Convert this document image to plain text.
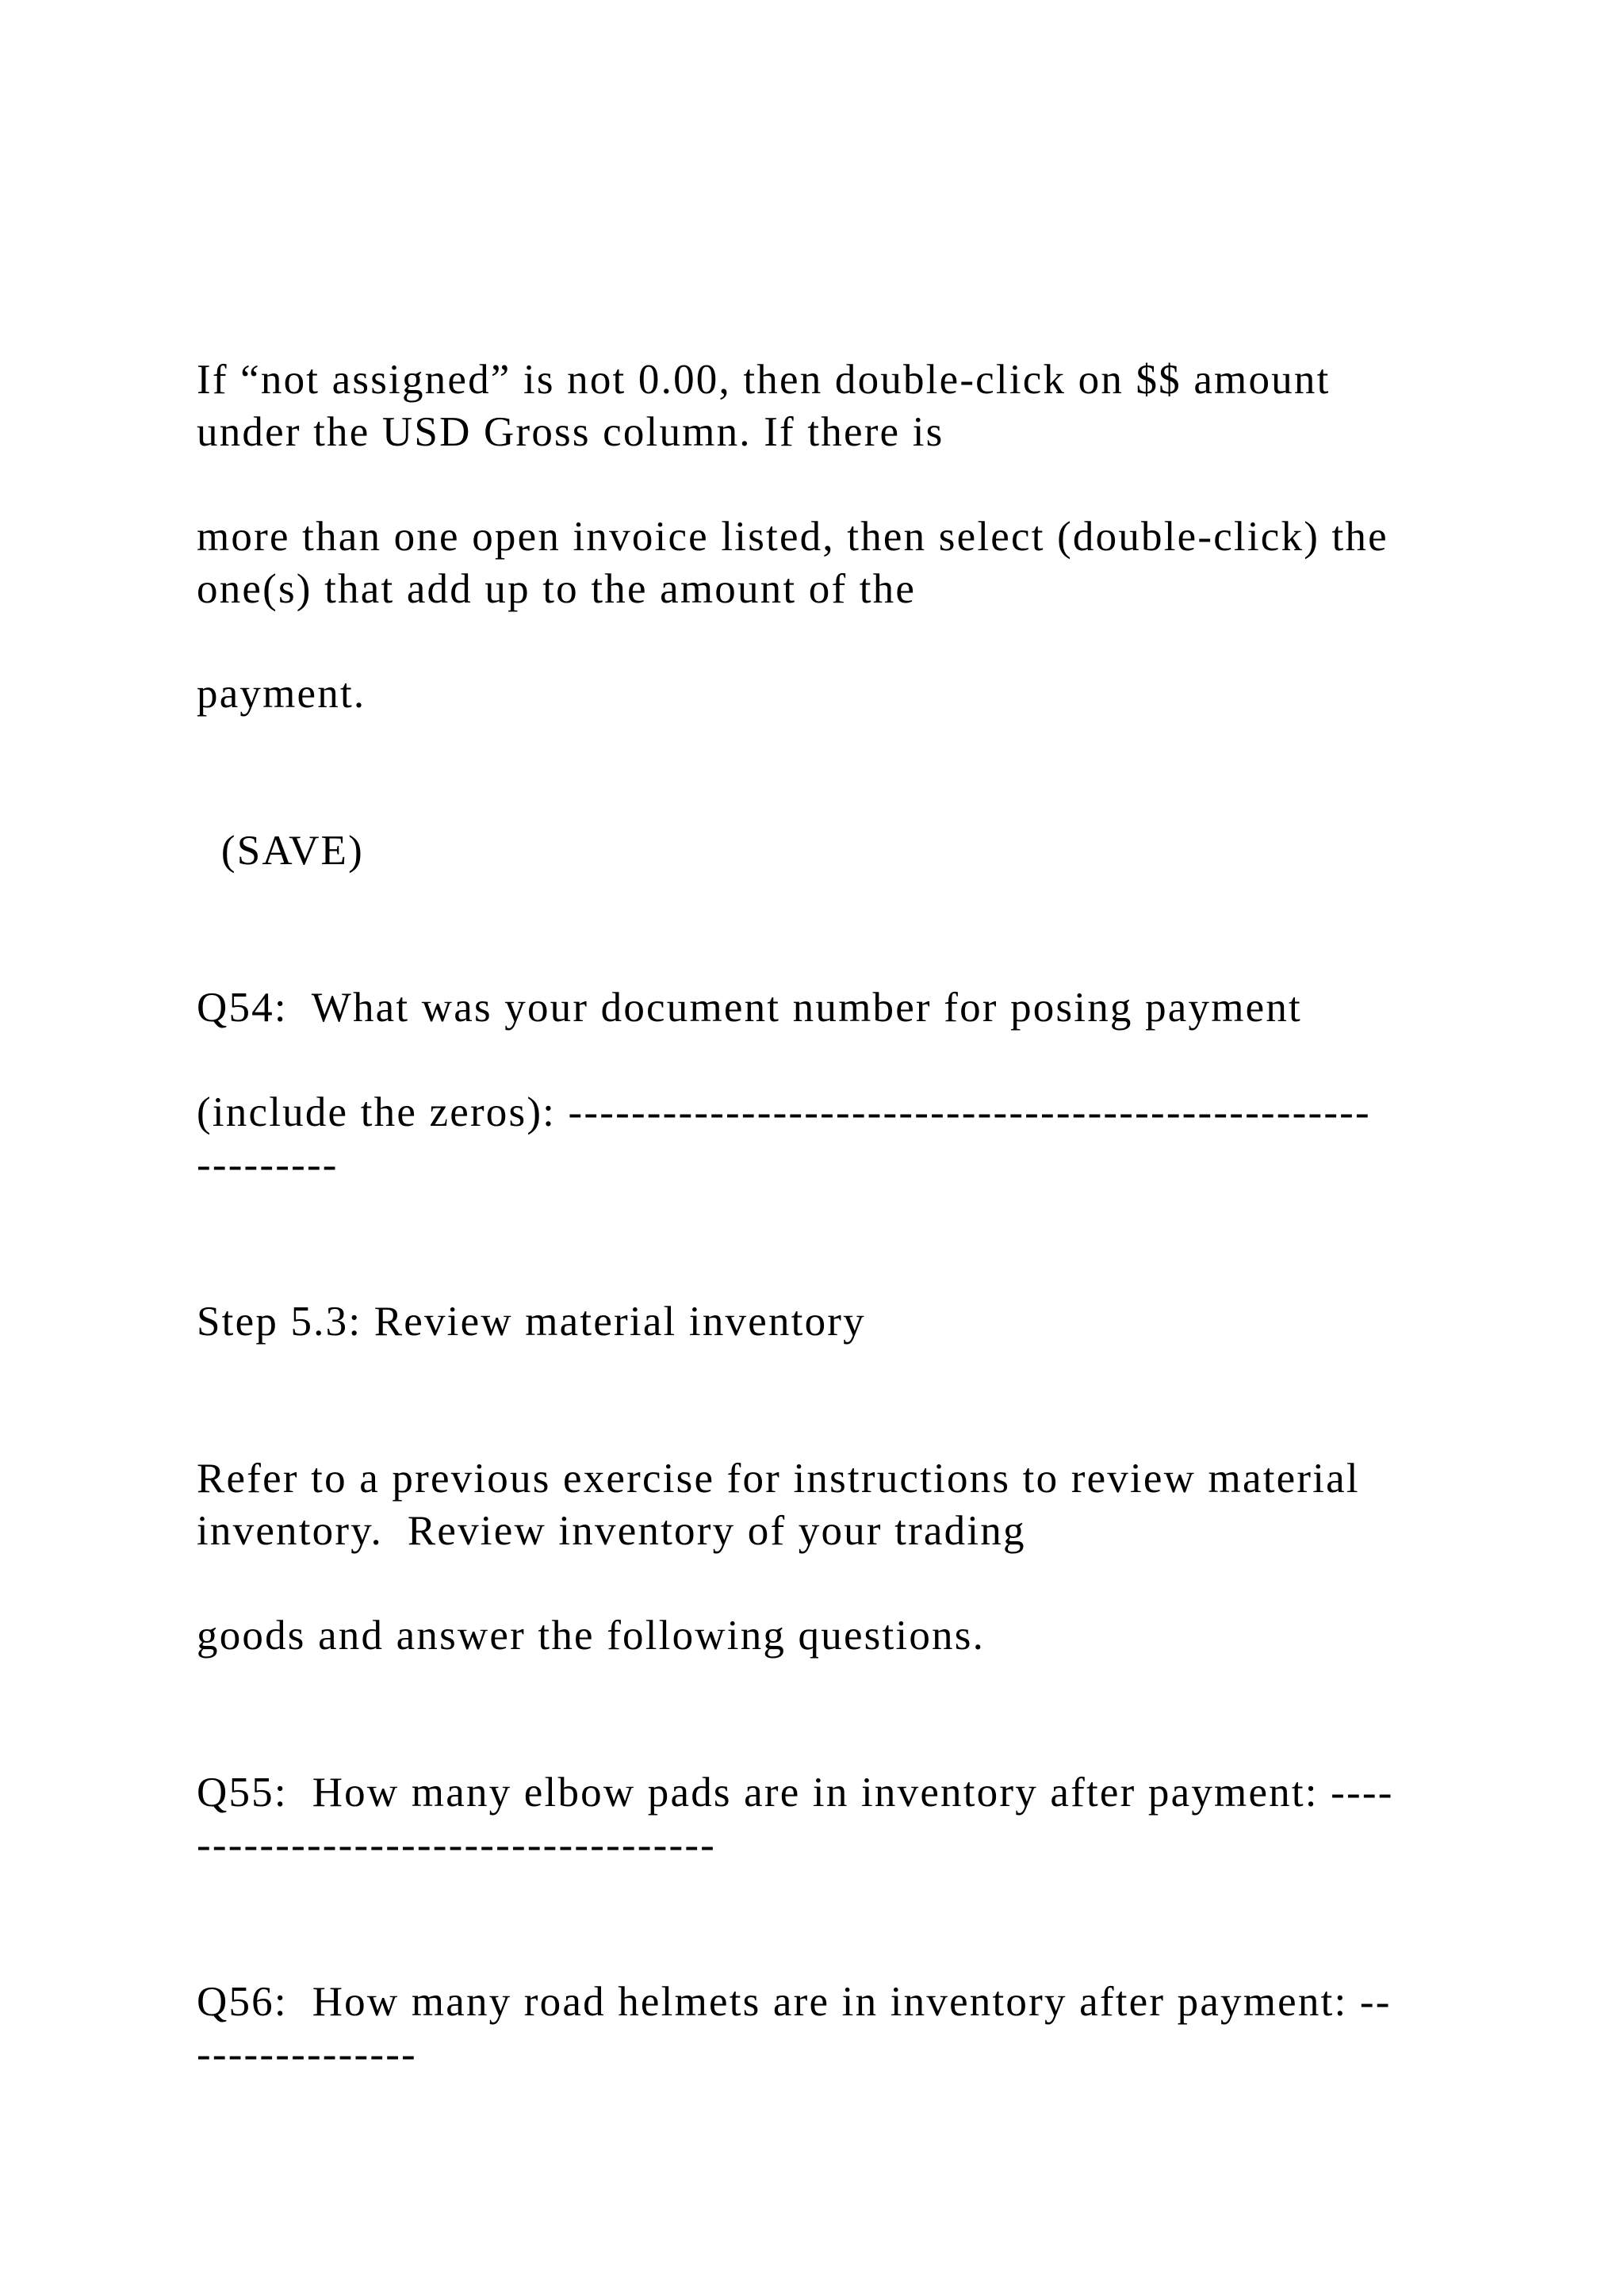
If “not assigned” is not 0.00, then double-click on $$ amount

under the USD Gross column. If there is

more than one open invoice listed, then select (double-click) the

one(s) that add up to the amount of the

payment.

(SAVE)

Q54:  What was your document number for posing payment

(include the zeros): ---------------------------------------------------

---------

Step 5.3: Review material inventory

Refer to a previous exercise for instructions to review material

inventory.  Review inventory of your trading

goods and answer the following questions.

Q55:  How many elbow pads are in inventory after payment: ----

---------------------------------

Q56:  How many road helmets are in inventory after payment: --

--------------
